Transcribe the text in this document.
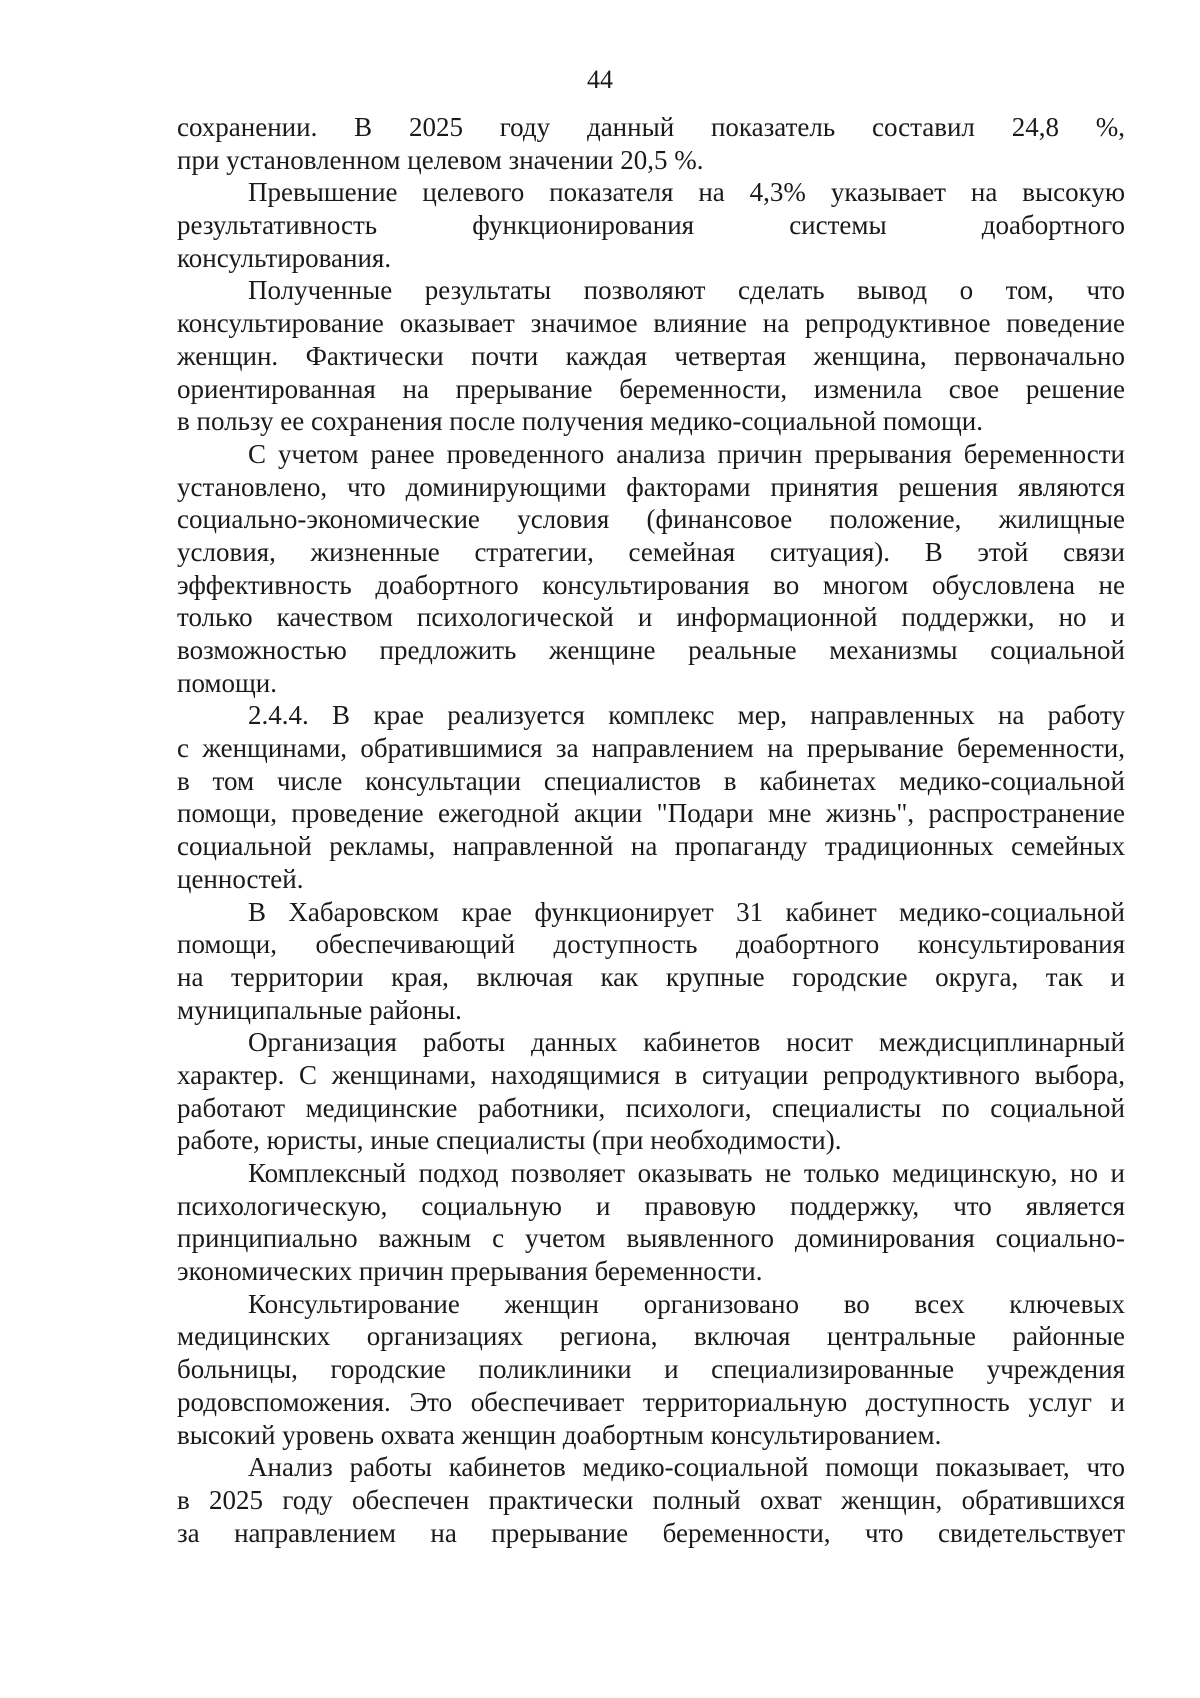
44
сохранении. В 2025 году данный показатель составил 24,8 %,
при установленном целевом значении 20,5 %.
Превышение целевого показателя на 4,3% указывает на высокую
результативность функционирования системы доабортного
консультирования.
Полученные результаты позволяют сделать вывод о том, что
консультирование оказывает значимое влияние на репродуктивное поведение
женщин. Фактически почти каждая четвертая женщина, первоначально
ориентированная на прерывание беременности, изменила свое решение
в пользу ее сохранения после получения медико-социальной помощи.
С учетом ранее проведенного анализа причин прерывания беременности
установлено, что доминирующими факторами принятия решения являются
социально-экономические условия (финансовое положение, жилищные
условия, жизненные стратегии, семейная ситуация). В этой связи
эффективность доабортного консультирования во многом обусловлена не
только качеством психологической и информационной поддержки, но и
возможностью предложить женщине реальные механизмы социальной
помощи.
2.4.4. В крае реализуется комплекс мер, направленных на работу
с женщинами, обратившимися за направлением на прерывание беременности,
в том числе консультации специалистов в кабинетах медико-социальной
помощи, проведение ежегодной акции "Подари мне жизнь", распространение
социальной рекламы, направленной на пропаганду традиционных семейных
ценностей.
В Хабаровском крае функционирует 31 кабинет медико-социальной
помощи, обеспечивающий доступность доабортного консультирования
на территории края, включая как крупные городские округа, так и
муниципальные районы.
Организация работы данных кабинетов носит междисциплинарный
характер. С женщинами, находящимися в ситуации репродуктивного выбора,
работают медицинские работники, психологи, специалисты по социальной
работе, юристы, иные специалисты (при необходимости).
Комплексный подход позволяет оказывать не только медицинскую, но и
психологическую, социальную и правовую поддержку, что является
принципиально важным с учетом выявленного доминирования социально-
экономических причин прерывания беременности.
Консультирование женщин организовано во всех ключевых
медицинских организациях региона, включая центральные районные
больницы, городские поликлиники и специализированные учреждения
родовспоможения. Это обеспечивает территориальную доступность услуг и
высокий уровень охвата женщин доабортным консультированием.
Анализ работы кабинетов медико-социальной помощи показывает, что
в 2025 году обеспечен практически полный охват женщин, обратившихся
за направлением на прерывание беременности, что свидетельствует
